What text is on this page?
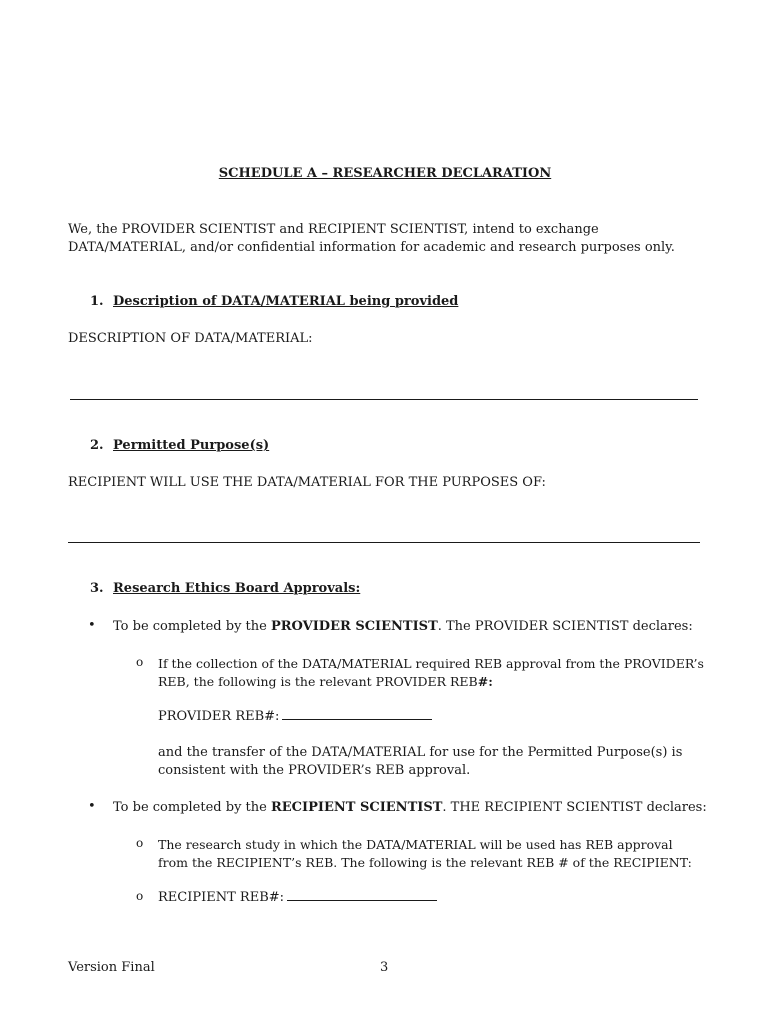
SCHEDULE A – RESEARCHER DECLARATION
We, the PROVIDER SCIENTIST and RECIPIENT SCIENTIST, intend to exchange DATA/MATERIAL, and/or confidential information for academic and research purposes only.
1. Description of DATA/MATERIAL being provided
DESCRIPTION OF DATA/MATERIAL:
2. Permitted Purpose(s)
RECIPIENT WILL USE THE DATA/MATERIAL FOR THE PURPOSES OF:
3. Research Ethics Board Approvals:
• To be completed by the PROVIDER SCIENTIST. The PROVIDER SCIENTIST declares:
o If the collection of the DATA/MATERIAL required REB approval from the PROVIDER’s REB, the following is the relevant PROVIDER REB#:
PROVIDER REB#:
and the transfer of the DATA/MATERIAL for use for the Permitted Purpose(s) is consistent with the PROVIDER’s REB approval.
• To be completed by the RECIPIENT SCIENTIST. THE RECIPIENT SCIENTIST declares:
o The research study in which the DATA/MATERIAL will be used has REB approval from the RECIPIENT’s REB. The following is the relevant REB # of the RECIPIENT:
o RECIPIENT REB#:
Version Final	3
